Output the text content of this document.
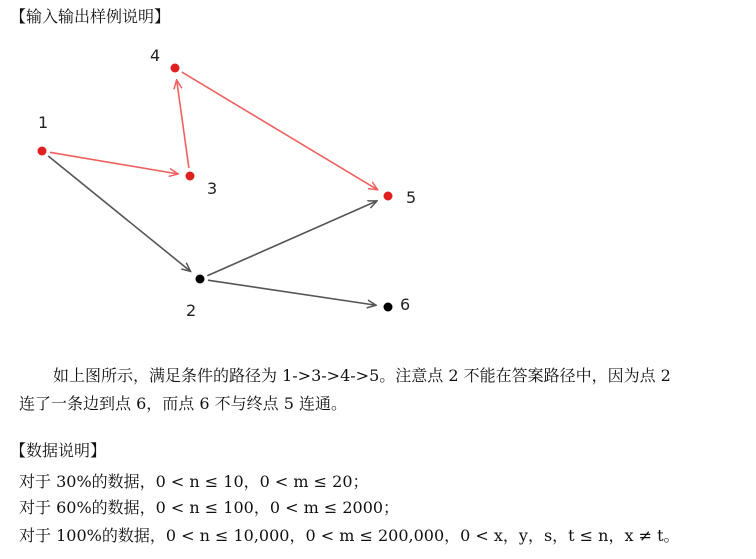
【输入输出样例说明】
1
2
3
4
5
6
如上图所示，满足条件的路径为 1->3->4->5。注意点 2 不能在答案路径中，因为点 2
连了一条边到点 6，而点 6 不与终点 5 连通。
【数据说明】
对于 30%的数据，0 < n ≤ 10，0 < m ≤ 20；
对于 60%的数据，0 < n ≤ 100，0 < m ≤ 2000；
对于 100%的数据，0 < n ≤ 10,000，0 < m ≤ 200,000，0 < x，y，s，t ≤ n，x ≠ t。
